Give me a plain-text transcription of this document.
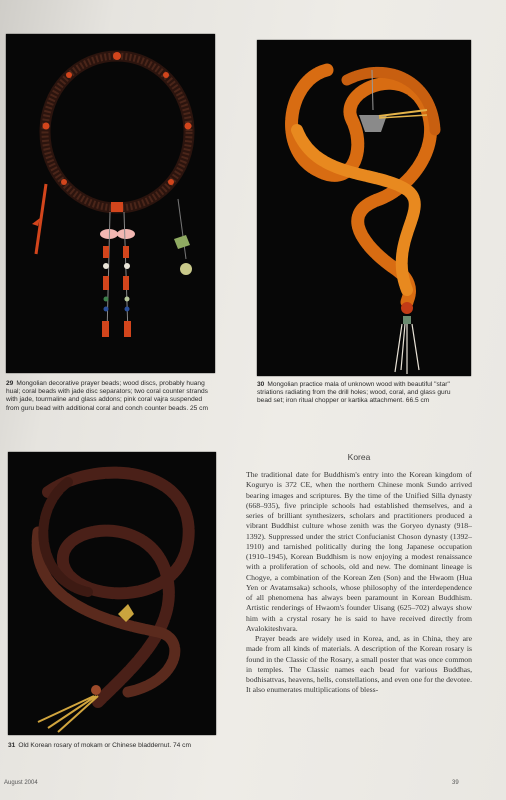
29 Mongolian decorative prayer beads; wood discs, probably huang hual; coral beads with jade disc separators; two coral counter strands with jade, tourmaline and glass addons; pink coral vajra suspended from guru bead with additional coral and conch counter beads. 25 cm
30 Mongolian practice mala of unknown wood with beautiful "star" striations radiating from the drill holes; wood, coral, and glass guru bead set; iron ritual chopper or kartika attachment. 66.5 cm
31 Old Korean rosary of mokam or Chinese bladdernut. 74 cm
Korea

The traditional date for Buddhism's entry into the Korean kingdom of Koguryo is 372 CE, when the northern Chinese monk Sundo arrived bearing images and scriptures. By the time of the Unified Silla dynasty (668–935), five principle schools had established themselves, and a series of brilliant synthesizers, scholars and practitioners produced a vibrant Buddhist culture whose zenith was the Goryeo dynasty (918–1392). Suppressed under the strict Confucianist Choson dynasty (1392–1910) and tarnished politically during the long Japanese occupation (1910–1945), Korean Buddhism is now enjoying a modest renaissance with a proliferation of schools, old and new. The dominant lineage is Chogye, a combination of the Korean Zen (Son) and the Hwaom (Hua Yen or Avatamsaka) schools, whose philosophy of the interdependence of all phenomena has always been paramount in Korean Buddhism. Artistic renderings of Hwaom's founder Uisang (625–702) always show him with a crystal rosary he is said to have received directly from Avalokiteshvara.

Prayer beads are widely used in Korea, and, as in China, they are made from all kinds of materials. A description of the Korean rosary is found in the Classic of the Rosary, a small poster that was once common in temples. The Classic names each bead for various Buddhas, bodhisattvas, heavens, hells, constellations, and even one for the devotee. It also enumerates multiplications of bless-

August 2004	39
